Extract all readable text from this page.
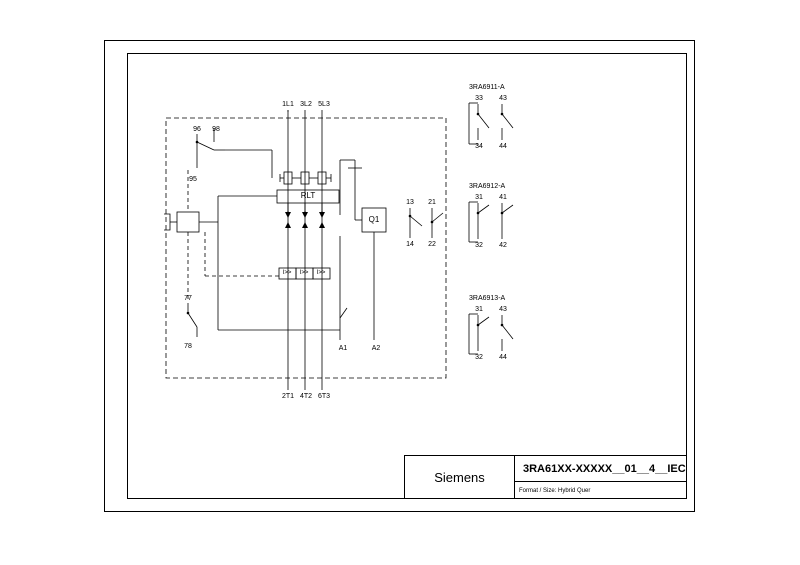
1L1 3L2 5L3
2T1 4T2 6T3
96 98
95
77
78	A1	A2
13 21
14 22
RLT
Q1
I>> I>> I>>
3RA6911-A
33 43
34 44
3RA6912-A
31 41
32 42
3RA6913-A
31 43
32 44
Siemens
3RA61XX-XXXXX__01__4__IEC
Format / Size: Hybrid Quer
